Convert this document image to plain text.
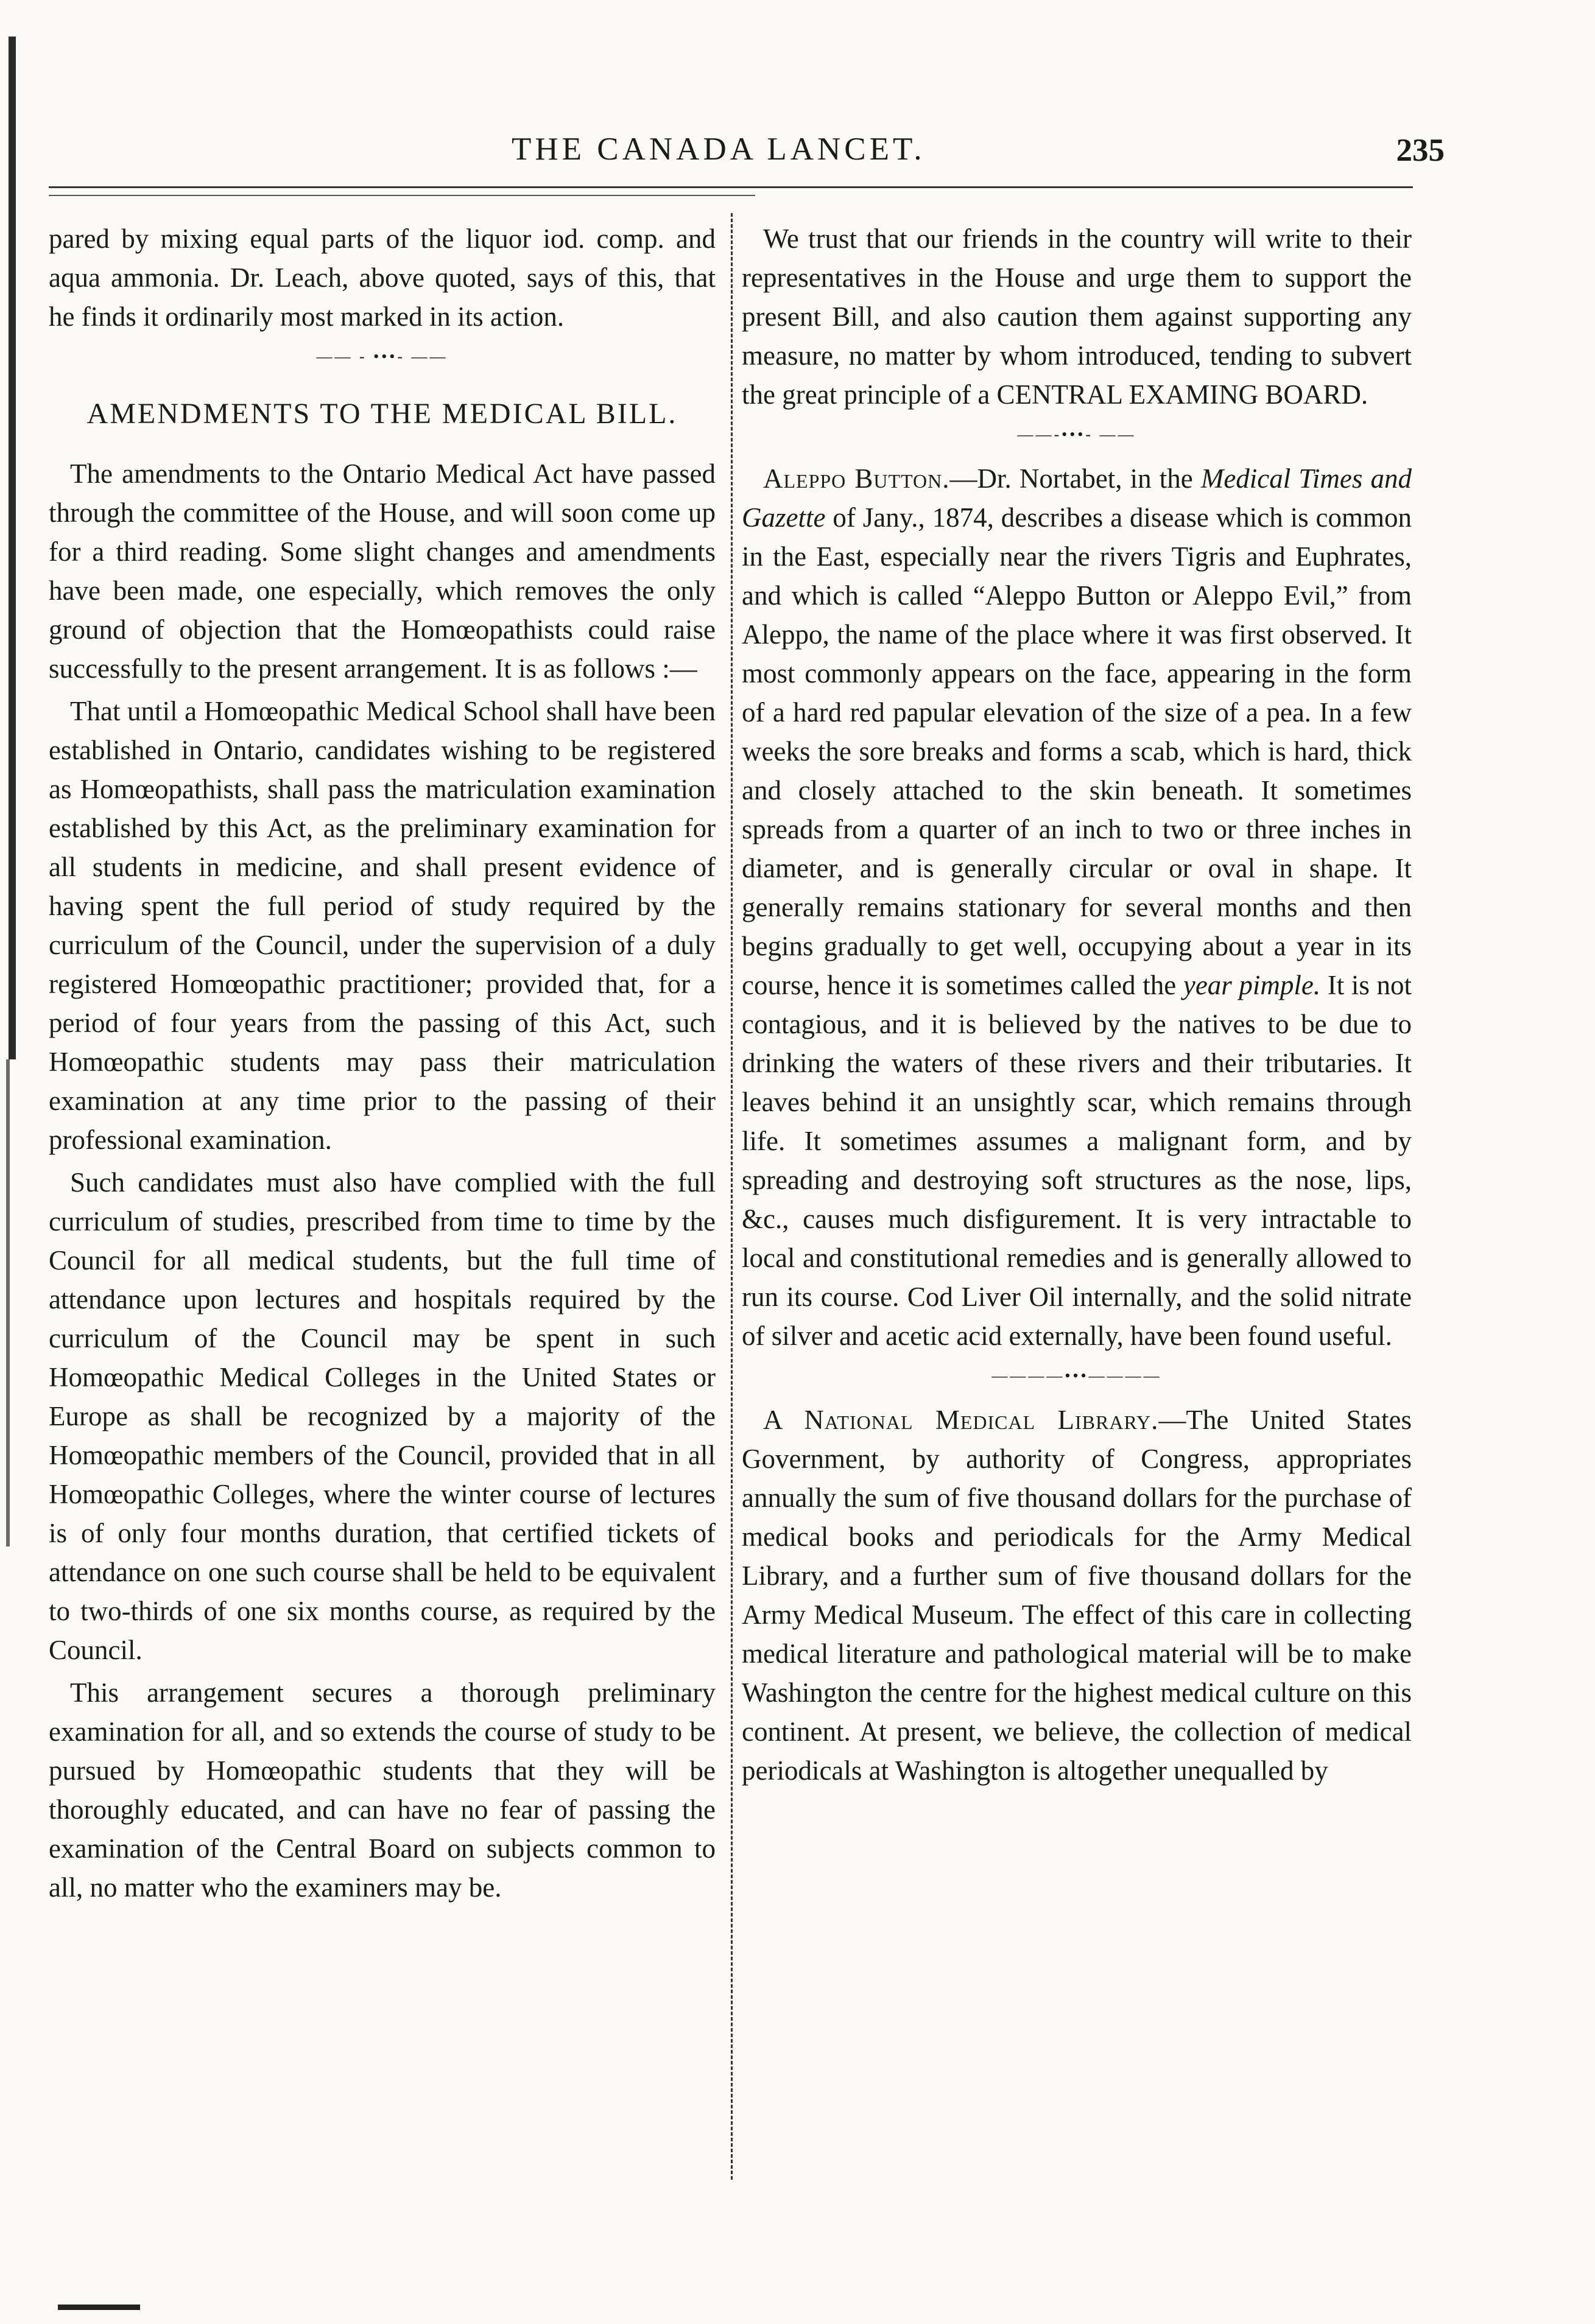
THE CANADA LANCET.	235

pared by mixing equal parts of the liquor iod. comp. and aqua ammonia. Dr. Leach, above quoted, says of this, that he finds it ordinarily most marked in its action.

—— - •••- ——
AMENDMENTS TO THE MEDICAL BILL.

The amendments to the Ontario Medical Act have passed through the committee of the House, and will soon come up for a third reading. Some slight changes and amendments have been made, one especially, which removes the only ground of objection that the Homœopathists could raise successfully to the present arrangement. It is as follows :—

That until a Homœopathic Medical School shall have been established in Ontario, candidates wishing to be registered as Homœopathists, shall pass the matriculation examination established by this Act, as the preliminary examination for all students in medicine, and shall present evidence of having spent the full period of study required by the curriculum of the Council, under the supervision of a duly registered Homœopathic practitioner; provided that, for a period of four years from the passing of this Act, such Homœopathic students may pass their matriculation examination at any time prior to the passing of their professional examination.

Such candidates must also have complied with the full curriculum of studies, prescribed from time to time by the Council for all medical students, but the full time of attendance upon lectures and hospitals required by the curriculum of the Council may be spent in such Homœopathic Medical Colleges in the United States or Europe as shall be recognized by a majority of the Homœopathic members of the Council, provided that in all Homœopathic Colleges, where the winter course of lectures is of only four months duration, that certified tickets of attendance on one such course shall be held to be equivalent to two-thirds of one six months course, as required by the Council.

This arrangement secures a thorough preliminary examination for all, and so extends the course of study to be pursued by Homœopathic students that they will be thoroughly educated, and can have no fear of passing the examination of the Central Board on subjects common to all, no matter who the examiners may be.

We trust that our friends in the country will write to their representatives in the House and urge them to support the present Bill, and also caution them against supporting any measure, no matter by whom introduced, tending to subvert the great principle of a CENTRAL EXAMING BOARD.

——-•••- ——

Aleppo Button.—Dr. Nortabet, in the Medical Times and Gazette of Jany., 1874, describes a disease which is common in the East, especially near the rivers Tigris and Euphrates, and which is called “Aleppo Button or Aleppo Evil,” from Aleppo, the name of the place where it was first observed. It most commonly appears on the face, appearing in the form of a hard red papular elevation of the size of a pea. In a few weeks the sore breaks and forms a scab, which is hard, thick and closely attached to the skin beneath. It sometimes spreads from a quarter of an inch to two or three inches in diameter, and is generally circular or oval in shape. It generally remains stationary for several months and then begins gradually to get well, occupying about a year in its course, hence it is sometimes called the year pimple. It is not contagious, and it is believed by the natives to be due to drinking the waters of these rivers and their tributaries. It leaves behind it an unsightly scar, which remains through life. It sometimes assumes a malignant form, and by spreading and destroying soft structures as the nose, lips, &c., causes much disfigurement. It is very intractable to local and constitutional remedies and is generally allowed to run its course. Cod Liver Oil internally, and the solid nitrate of silver and acetic acid externally, have been found useful.

————•••————

A National Medical Library.—The United States Government, by authority of Congress, appropriates annually the sum of five thousand dollars for the purchase of medical books and periodicals for the Army Medical Library, and a further sum of five thousand dollars for the Army Medical Museum. The effect of this care in collecting medical literature and pathological material will be to make Washington the centre for the highest medical culture on this continent. At present, we believe, the collection of medical periodicals at Washington is altogether unequalled by
